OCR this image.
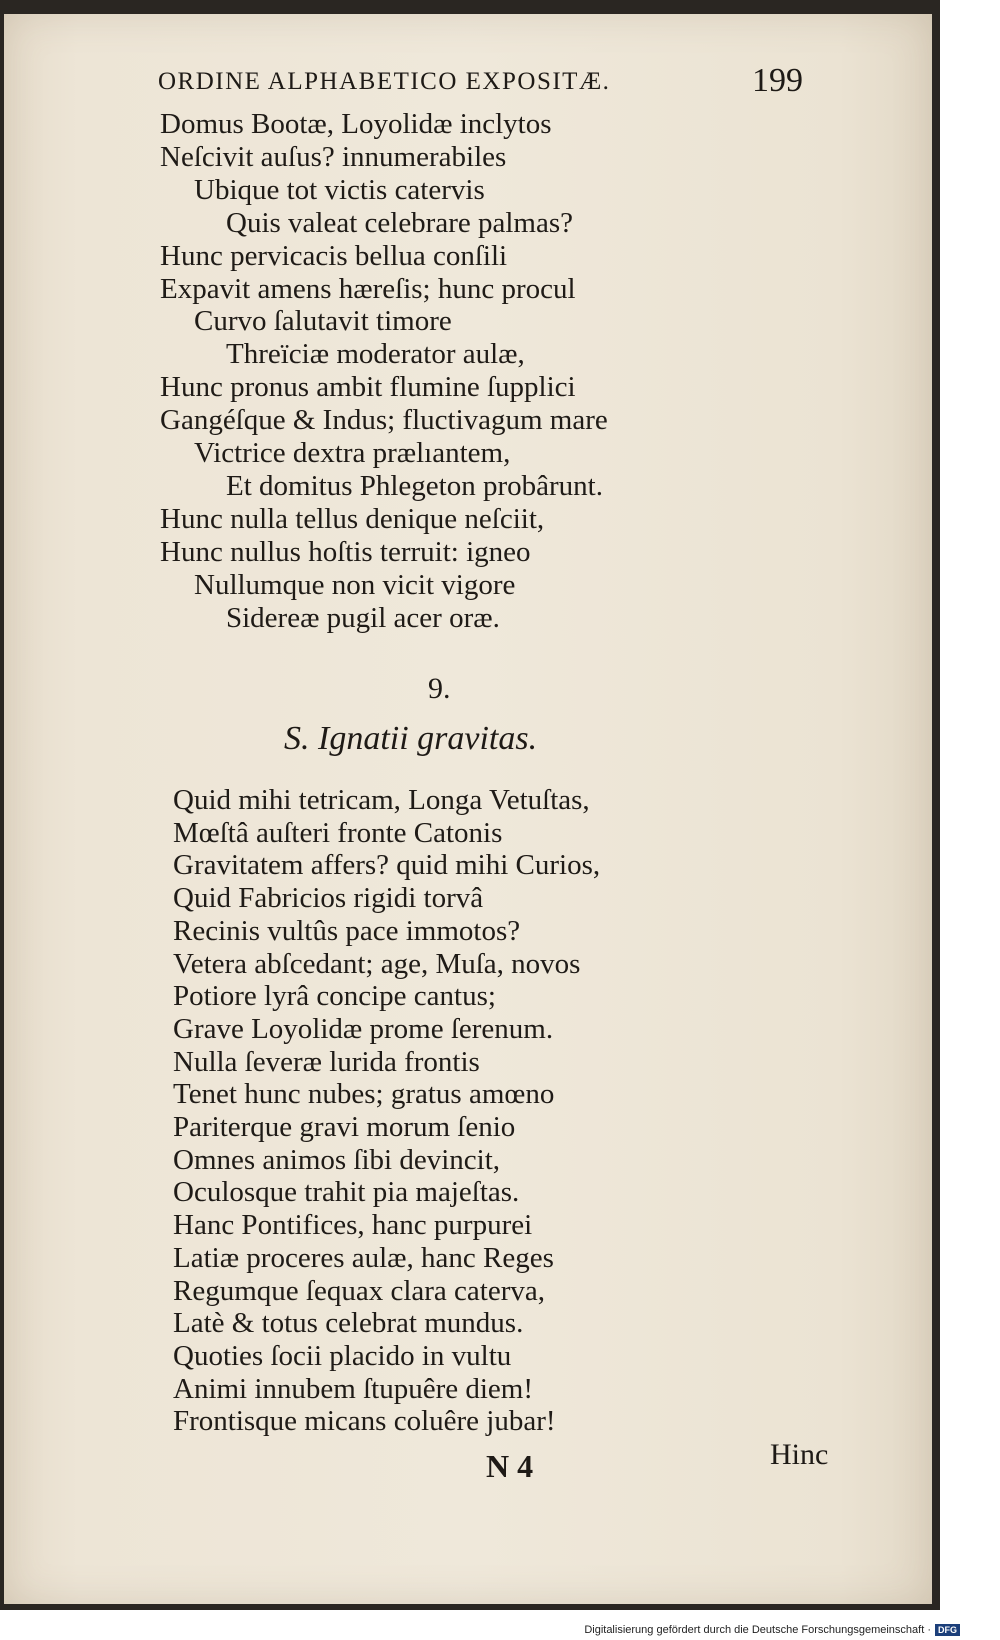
ORDINE ALPHABETICO EXPOSITÆ.	199
Domus Bootæ, Loyolidæ inclytos
Neſcivit auſus? innumerabiles
Ubique tot victis catervis
Quis valeat celebrare palmas?
Hunc pervicacis bellua conſili
Expavit amens hæreſis; hunc procul
Curvo ſalutavit timore
Threïciæ moderator aulæ,
Hunc pronus ambit flumine ſupplici
Gangéſque & Indus; fluctivagum mare
Victrice dextra prælıantem,
Et domitus Phlegeton probârunt.
Hunc nulla tellus denique neſciit,
Hunc nullus hoſtis terruit: igneo
Nullumque non vicit vigore
Sidereæ pugil acer oræ.
9.
S. Ignatii gravitas.
Quid mihi tetricam, Longa Vetuſtas,
Mœſtâ auſteri fronte Catonis
Gravitatem affers? quid mihi Curios,
Quid Fabricios rigidi torvâ
Recinis vultûs pace immotos?
Vetera abſcedant; age, Muſa, novos
Potiore lyrâ concipe cantus;
Grave Loyolidæ prome ſerenum.
Nulla ſeveræ lurida frontis
Tenet hunc nubes; gratus amœno
Pariterque gravi morum ſenio
Omnes animos ſibi devincit,
Oculosque trahit pia majeſtas.
Hanc Pontifices, hanc purpurei
Latiæ proceres aulæ, hanc Reges
Regumque ſequax clara caterva,
Latè & totus celebrat mundus.
Quoties ſocii placido in vultu
Animi innubem ſtupuêre diem!
Frontisque micans coluêre jubar!
N 4	Hinc
Digitalisierung gefördert durch die Deutsche Forschungsgemeinschaft · DFG
